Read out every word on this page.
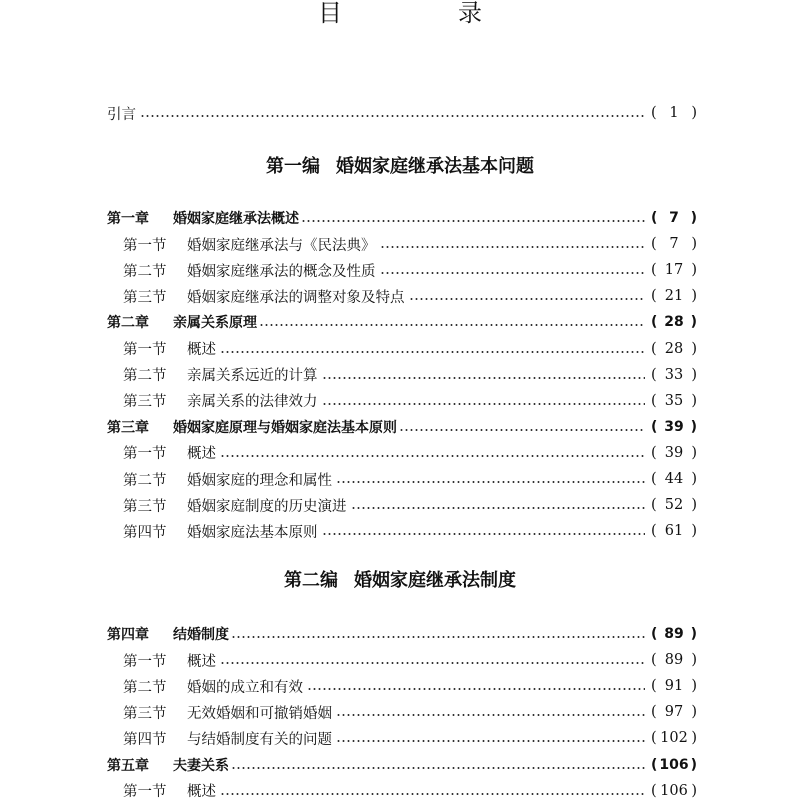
目　录
引言	( 1 )
第一编 婚姻家庭继承法基本问题
第一章 婚姻家庭继承法概述	( 7 )
第一节 婚姻家庭继承法与《民法典》	( 7 )
第二节 婚姻家庭继承法的概念及性质	( 17 )
第三节 婚姻家庭继承法的调整对象及特点	( 21 )
第二章 亲属关系原理	( 28 )
第一节 概述	( 28 )
第二节 亲属关系远近的计算	( 33 )
第三节 亲属关系的法律效力	( 35 )
第三章 婚姻家庭原理与婚姻家庭法基本原则	( 39 )
第一节 概述	( 39 )
第二节 婚姻家庭的理念和属性	( 44 )
第三节 婚姻家庭制度的历史演进	( 52 )
第四节 婚姻家庭法基本原则	( 61 )
第二编 婚姻家庭继承法制度
第四章 结婚制度	( 89 )
第一节 概述	( 89 )
第二节 婚姻的成立和有效	( 91 )
第三节 无效婚姻和可撤销婚姻	( 97 )
第四节 与结婚制度有关的问题	( 102 )
第五章 夫妻关系	( 106 )
第一节 概述	( 106 )
